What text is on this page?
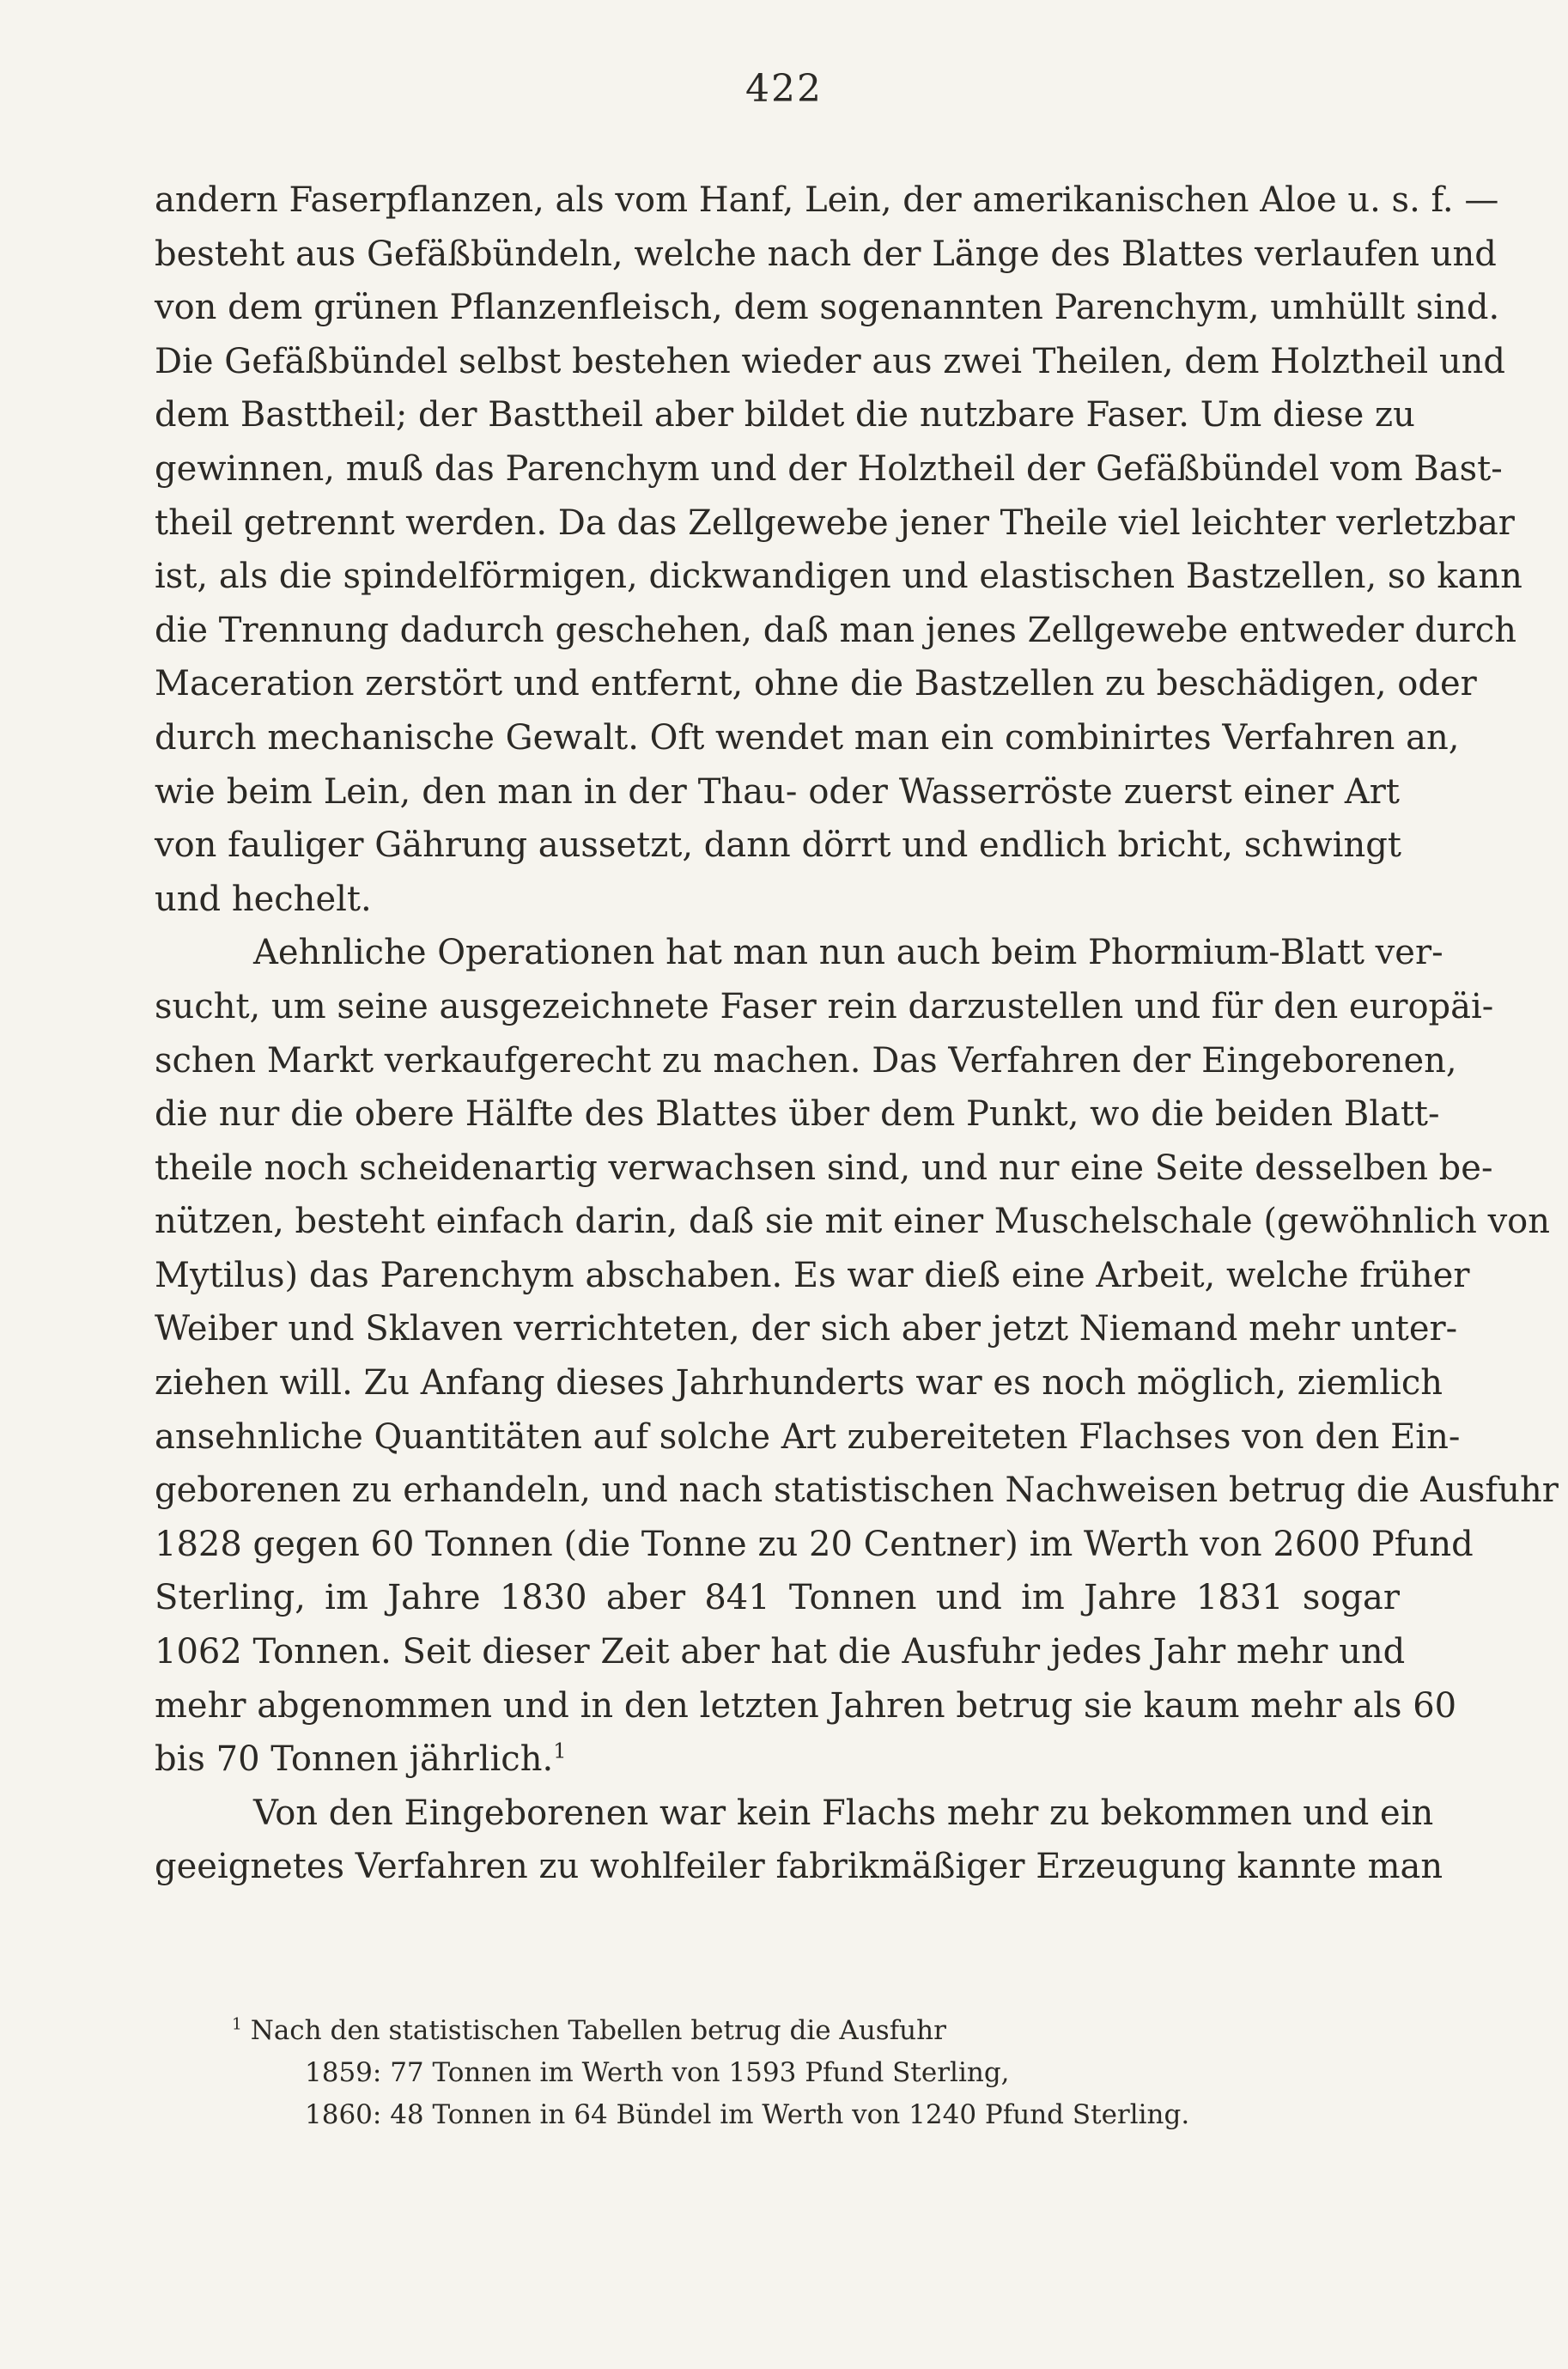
422
andern Faserpflanzen, als vom Hanf, Lein, der amerikanischen Aloe u. s. f. —
besteht aus Gefäßbündeln, welche nach der Länge des Blattes verlaufen und
von dem grünen Pflanzenfleisch, dem sogenannten Parenchym, umhüllt sind.
Die Gefäßbündel selbst bestehen wieder aus zwei Theilen, dem Holztheil und
dem Basttheil; der Basttheil aber bildet die nutzbare Faser. Um diese zu
gewinnen, muß das Parenchym und der Holztheil der Gefäßbündel vom Bast-
theil getrennt werden. Da das Zellgewebe jener Theile viel leichter verletzbar
ist, als die spindelförmigen, dickwandigen und elastischen Bastzellen, so kann
die Trennung dadurch geschehen, daß man jenes Zellgewebe entweder durch
Maceration zerstört und entfernt, ohne die Bastzellen zu beschädigen, oder
durch mechanische Gewalt. Oft wendet man ein combinirtes Verfahren an,
wie beim Lein, den man in der Thau- oder Wasserröste zuerst einer Art
von fauliger Gährung aussetzt, dann dörrt und endlich bricht, schwingt
und hechelt.
Aehnliche Operationen hat man nun auch beim Phormium-Blatt ver-
sucht, um seine ausgezeichnete Faser rein darzustellen und für den europäi-
schen Markt verkaufgerecht zu machen. Das Verfahren der Eingeborenen,
die nur die obere Hälfte des Blattes über dem Punkt, wo die beiden Blatt-
theile noch scheidenartig verwachsen sind, und nur eine Seite desselben be-
nützen, besteht einfach darin, daß sie mit einer Muschelschale (gewöhnlich von
Mytilus) das Parenchym abschaben. Es war dieß eine Arbeit, welche früher
Weiber und Sklaven verrichteten, der sich aber jetzt Niemand mehr unter-
ziehen will. Zu Anfang dieses Jahrhunderts war es noch möglich, ziemlich
ansehnliche Quantitäten auf solche Art zubereiteten Flachses von den Ein-
geborenen zu erhandeln, und nach statistischen Nachweisen betrug die Ausfuhr
1828 gegen 60 Tonnen (die Tonne zu 20 Centner) im Werth von 2600 Pfund
Sterling, im Jahre 1830 aber 841 Tonnen und im Jahre 1831 sogar
1062 Tonnen. Seit dieser Zeit aber hat die Ausfuhr jedes Jahr mehr und
mehr abgenommen und in den letzten Jahren betrug sie kaum mehr als 60
bis 70 Tonnen jährlich.$^1$
Von den Eingeborenen war kein Flachs mehr zu bekommen und ein
geeignetes Verfahren zu wohlfeiler fabrikmäßiger Erzeugung kannte man
$^1$ Nach den statistischen Tabellen betrug die Ausfuhr
1859: 77 Tonnen im Werth von 1593 Pfund Sterling,
1860: 48 Tonnen in 64 Bündel im Werth von 1240 Pfund Sterling.
